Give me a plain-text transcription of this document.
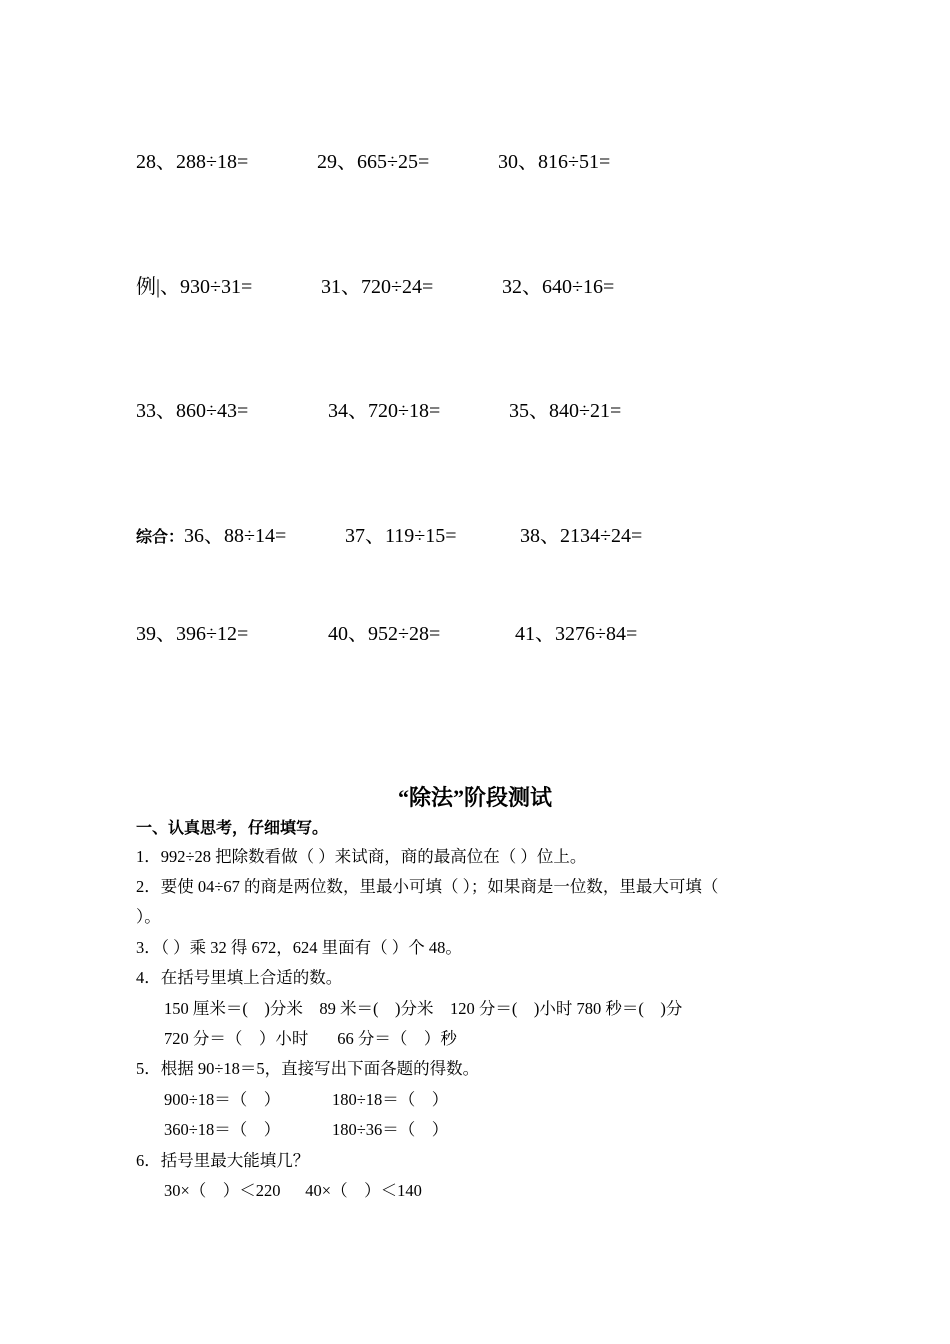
28、288÷18=	29、665÷25=	30、816÷51=
例|、930÷31=	31、720÷24=	32、640÷16=
33、860÷43=	34、720÷18=	35、840÷21=
综合：36、88÷14=	37、119÷15=	38、2134÷24=
39、396÷12=	40、952÷28=	41、3276÷84=
“除法”阶段测试
一、认真思考，仔细填写。
1．992÷28 把除数看做（ ）来试商，商的最高位在（ ）位上。
2．要使 04÷67 的商是两位数，里最小可填（ ）；如果商是一位数，里最大可填（
）。
3．（ ）乘 32 得 672，624 里面有（ ）个 48。
4．在括号里填上合适的数。
150 厘米＝(    )分米    89 米＝(    )分米    120 分＝(    )小时 780 秒＝(    )分
720 分＝（    ）小时       66 分＝（    ）秒
5．根据 90÷18＝5，直接写出下面各题的得数。
900÷18＝（    ）	180÷18＝（    ）
360÷18＝（    ）	180÷36＝（    ）
6．括号里最大能填几？
30×（    ）＜220      40×（    ）＜140
